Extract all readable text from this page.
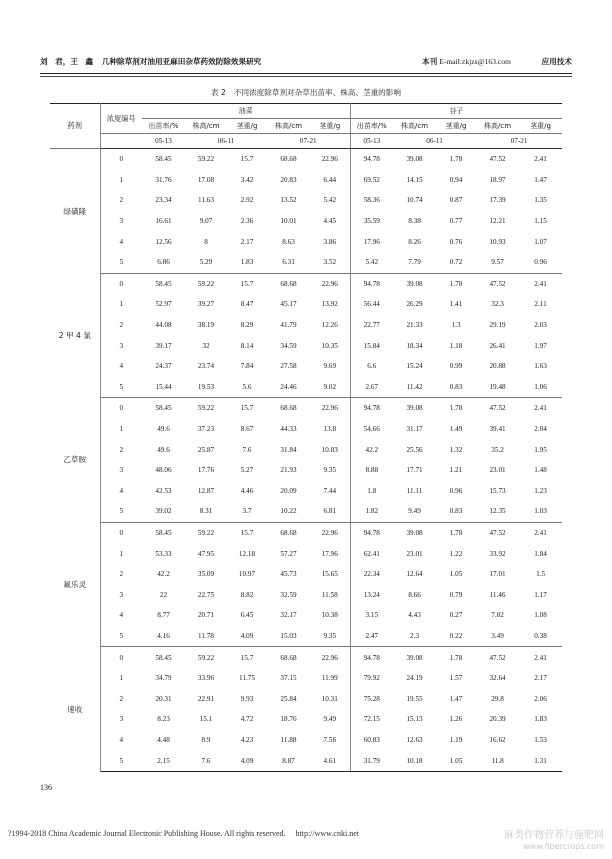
刘　君，王　鑫 几种除草剂对油用亚麻田杂草药效防除效果研究	本刊 E-mail:zkjzs@163.com	应用技术
表 2 不同浓度除草剂对杂草出苗率、株高、茎重的影响
药剂	浓度编号	油菜					谷子				
		出苗率/%	株高/cm	茎重/g	株高/cm	茎重/g	出苗率/%	株高/cm	茎重/g	株高/cm	茎重/g
		05-13	06-11		07-21		05-13	06-11		07-21	
绿磺隆	0	58.45	59.22	15.7	68.68	22.96	94.78	39.08	1.78	47.52	2.41
	1	31.76	17.08	3.42	20.83	6.44	69.52	14.15	0.94	18.97	1.47
	2	23.34	11.63	2.92	13.52	5.42	58.36	10.74	0.87	17.39	1.35
	3	16.61	9.07	2.36	10.01	4.45	35.59	8.38	0.77	12.21	1.15
	4	12.56	8	2.17	8.63	3.86	17.96	8.26	0.76	10.93	1.07
	5	6.86	5.29	1.83	6.31	3.52	5.42	7.79	0.72	9.57	0.96
2 甲 4 氯	0	58.45	59.22	15.7	68.68	22.96	94.78	39.08	1.78	47.52	2.41
	1	52.97	39.27	8.47	45.17	13.92	56.44	26.29	1.41	32.3	2.11
	2	44.08	38.19	8.29	41.79	12.26	22.77	21.33	1.3	29.19	2.03
	3	39.17	32	8.14	34.59	10.35	15.84	18.34	1.18	26.41	1.97
	4	24.37	23.74	7.84	27.58	9.69	6.6	15.24	0.99	20.88	1.63
	5	15.44	19.53	5.6	24.46	9.02	2.67	11.42	0.83	19.48	1.06
乙草胺	0	58.45	59.22	15.7	68.68	22.96	94.78	39.08	1.78	47.52	2.41
	1	49.6	37.23	8.67	44.33	13.8	54.66	31.17	1.49	39.41	2.04
	2	49.6	25.87	7.6	31.84	10.83	42.2	25.56	1.32	35.2	1.95
	3	48.06	17.76	5.27	21.93	9.35	8.88	17.71	1.21	23.01	1.48
	4	42.53	12.87	4.46	20.09	7.44	1.8	11.11	0.96	15.73	1.23
	5	39.02	8.31	3.7	10.22	6.81	1.82	9.49	0.83	12.35	1.03
氟乐灵	0	58.45	59.22	15.7	68.68	22.96	94.78	39.08	1.78	47.52	2.41
	1	53.33	47.95	12.18	57.27	17.96	62.41	23.01	1.22	33.92	1.84
	2	42.2	35.09	10.97	45.73	15.65	22.34	12.64	1.05	17.01	1.5
	3	22	22.75	8.82	32.59	11.58	13.24	8.66	0.79	11.46	1.17
	4	8.77	20.71	6.45	32.17	10.38	3.15	4.43	0.27	7.82	1.08
	5	4.16	11.78	4.09	15.03	9.35	2.47	2.3	0.22	3.49	0.38
速收	0	58.45	59.22	15.7	68.68	22.96	94.78	39.08	1.78	47.52	2.41
	1	34.79	33.96	11.75	37.15	11.99	79.92	24.19	1.57	32.64	2.17
	2	20.31	22.91	9.93	25.84	10.31	75.28	19.55	1.47	29.8	2.06
	3	8.23	15.1	4.72	18.76	9.49	72.15	15.13	1.26	20.39	1.83
	4	4.48	8.9	4.23	11.88	7.56	60.83	12.63	1.19	16.62	1.53
	5	2.15	7.6	4.09	8.87	4.61	31.79	10.18	1.05	11.8	1.31
136
?1994-2018 China Academic Journal Electronic Publishing House. All rights reserved. http://www.cnki.net	麻类作物营养与施肥网
www.fibercrops.com
